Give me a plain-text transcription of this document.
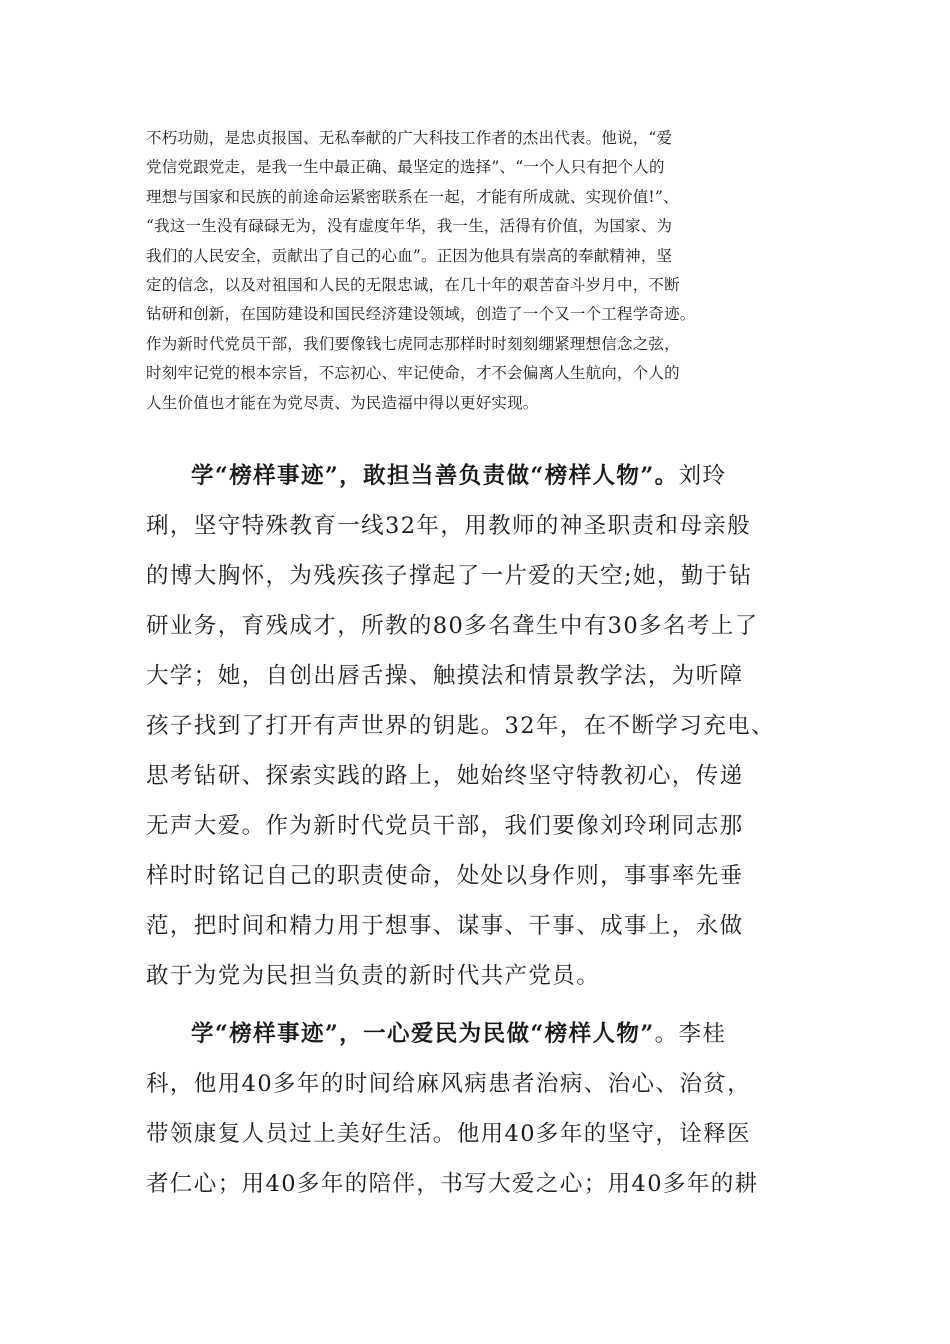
不朽功勋，是忠贞报国、无私奉献的广大科技工作者的杰出代表。他说，“爱
党信党跟党走，是我一生中最正确、最坚定的选择”、“一个人只有把个人的
理想与国家和民族的前途命运紧密联系在一起，才能有所成就、实现价值!”、
“我这一生没有碌碌无为，没有虚度年华，我一生，活得有价值，为国家、为
我们的人民安全，贡献出了自己的心血”。正因为他具有崇高的奉献精神，坚
定的信念，以及对祖国和人民的无限忠诚，在几十年的艰苦奋斗岁月中，不断
钻研和创新，在国防建设和国民经济建设领域，创造了一个又一个工程学奇迹。
作为新时代党员干部，我们要像钱七虎同志那样时时刻刻绷紧理想信念之弦，
时刻牢记党的根本宗旨，不忘初心、牢记使命，才不会偏离人生航向，个人的
人生价值也才能在为党尽责、为民造福中得以更好实现。

学“榜样事迹”，敢担当善负责做“榜样人物”。刘玲
琍，坚守特殊教育一线32年，用教师的神圣职责和母亲般
的博大胸怀，为残疾孩子撑起了一片爱的天空;她，勤于钻
研业务，育残成才，所教的80多名聋生中有30多名考上了
大学；她，自创出唇舌操、触摸法和情景教学法，为听障
孩子找到了打开有声世界的钥匙。32年，在不断学习充电、
思考钻研、探索实践的路上，她始终坚守特教初心，传递
无声大爱。作为新时代党员干部，我们要像刘玲琍同志那
样时时铭记自己的职责使命，处处以身作则，事事率先垂
范，把时间和精力用于想事、谋事、干事、成事上，永做
敢于为党为民担当负责的新时代共产党员。

学“榜样事迹”，一心爱民为民做“榜样人物”。李桂
科，他用40多年的时间给麻风病患者治病、治心、治贫，
带领康复人员过上美好生活。他用40多年的坚守，诠释医
者仁心；用40多年的陪伴，书写大爱之心；用40多年的耕
